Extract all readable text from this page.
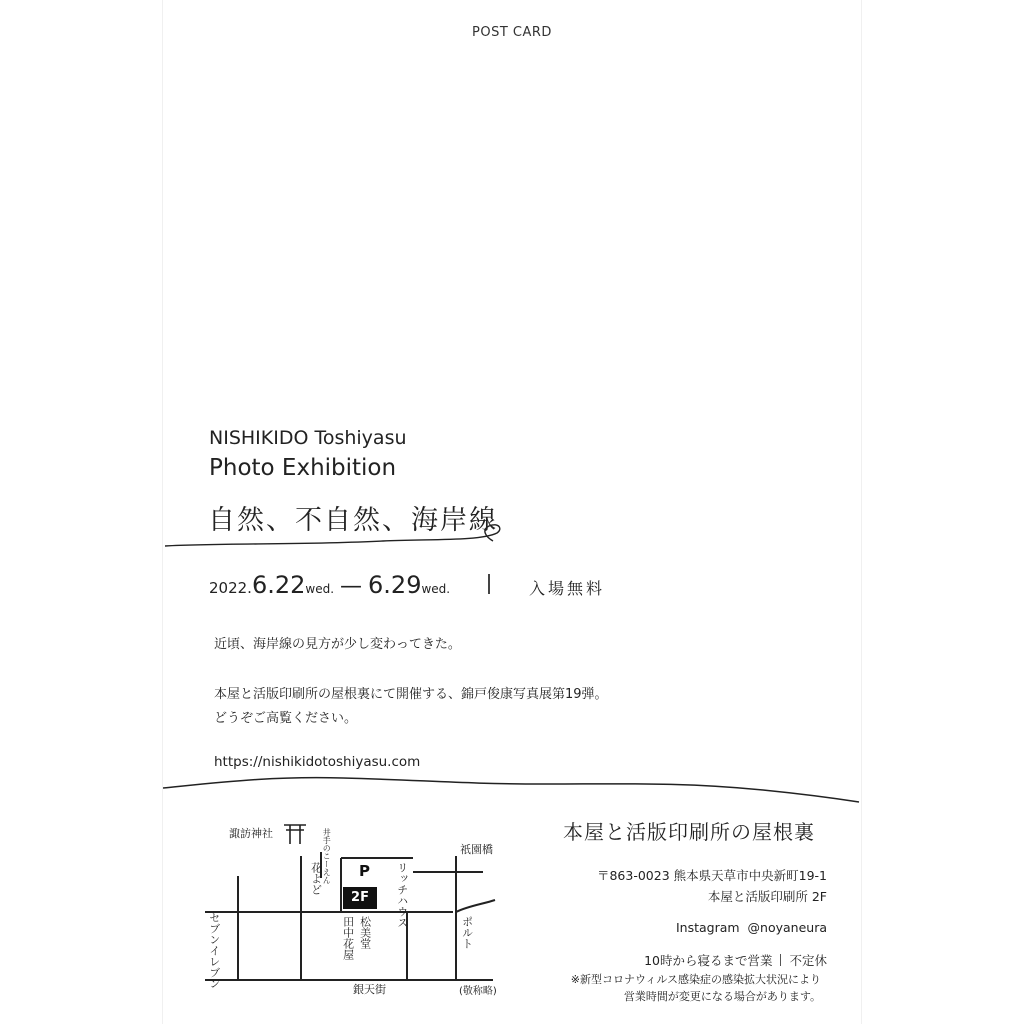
POST CARD
NISHIKIDO Toshiyasu
Photo Exhibition
自然、不自然、海岸線
2022.6.22wed. — 6.29wed.	入場無料
近頃、海岸線の見方が少し変わってきた。
本屋と活版印刷所の屋根裏にて開催する、錦戸俊康写真展第19弾。
どうぞご高覧ください。
https://nishikidotoshiyasu.com
諏訪神社	井手のこーえん
花よど P
2F	リッチハウス
祇園橋
セブンイレブン	松美堂
田中花屋	ポルト
銀天街	(敬称略)
本屋と活版印刷所の屋根裏
〒863-0023 熊本県天草市中央新町19-1
本屋と活版印刷所 2F
Instagram @noyaneura
10時から寝るまで営業 不定休
※新型コロナウィルス感染症の感染拡大状況により
営業時間が変更になる場合があります。
